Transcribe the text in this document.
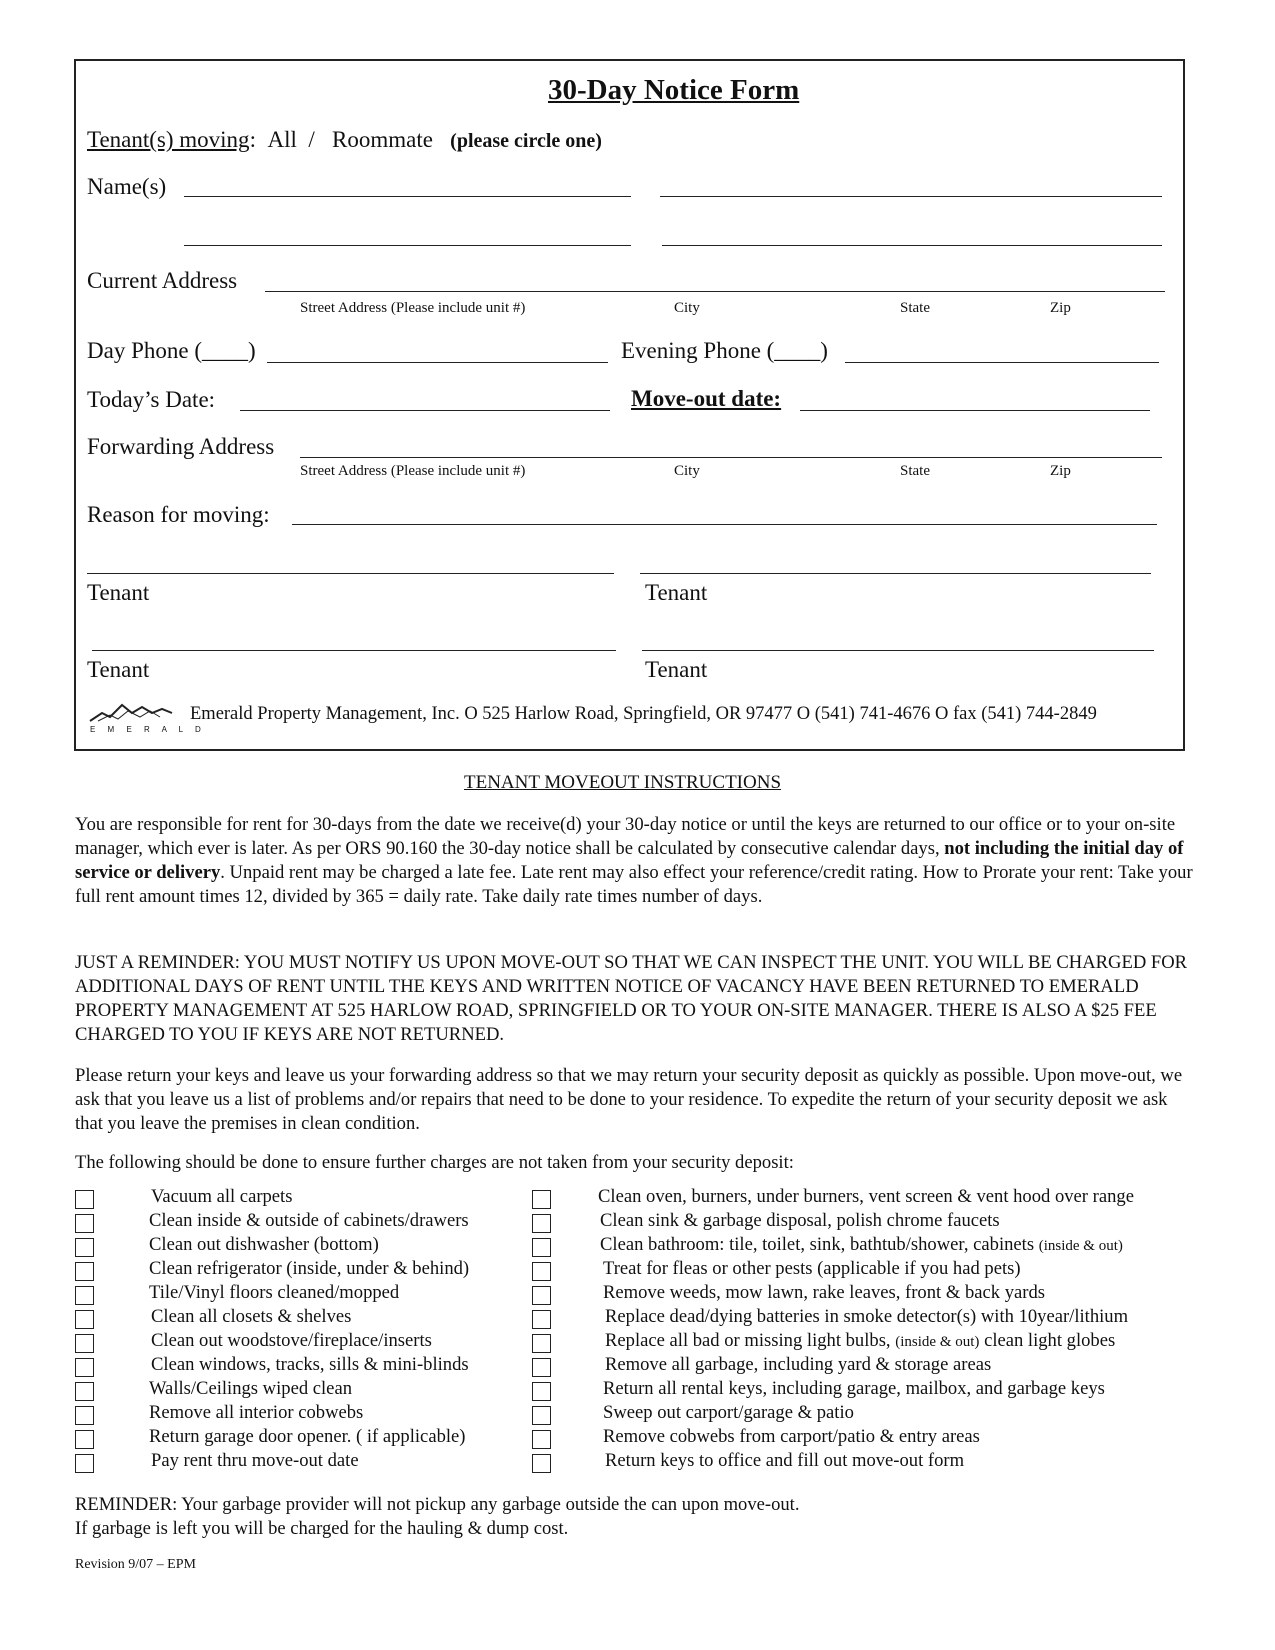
30-Day Notice Form
Tenant(s) moving: All  /   Roommate (please circle one)
Name(s)
Current Address
Street Address (Please include unit #)	City	State	Zip
Day Phone (____)	Evening Phone (____)
Today’s Date:	Move-out date:
Forwarding Address
Street Address (Please include unit #)	City	State	Zip
Reason for moving:
Tenant	Tenant
Tenant	Tenant
E M E R A L D
Emerald Property Management, Inc. O 525 Harlow Road, Springfield, OR 97477 O (541) 741-4676 O fax (541) 744-2849
TENANT MOVEOUT INSTRUCTIONS
You are responsible for rent for 30-days from the date we receive(d) your 30-day notice or until the keys are returned to our office or to your on-site manager, which ever is later. As per ORS 90.160 the 30-day notice shall be calculated by consecutive calendar days, not including the initial day of service or delivery. Unpaid rent may be charged a late fee. Late rent may also effect your reference/credit rating. How to Prorate your rent: Take your full rent amount times 12, divided by 365 = daily rate. Take daily rate times number of days.
JUST A REMINDER: YOU MUST NOTIFY US UPON MOVE-OUT SO THAT WE CAN INSPECT THE UNIT. YOU WILL BE CHARGED FOR ADDITIONAL DAYS OF RENT UNTIL THE KEYS AND WRITTEN NOTICE OF VACANCY HAVE BEEN RETURNED TO EMERALD PROPERTY MANAGEMENT AT 525 HARLOW ROAD, SPRINGFIELD OR TO YOUR ON-SITE MANAGER. THERE IS ALSO A $25 FEE CHARGED TO YOU IF KEYS ARE NOT RETURNED.
Please return your keys and leave us your forwarding address so that we may return your security deposit as quickly as possible. Upon move-out, we ask that you leave us a list of problems and/or repairs that need to be done to your residence. To expedite the return of your security deposit we ask that you leave the premises in clean condition.
The following should be done to ensure further charges are not taken from your security deposit:
Vacuum all carpets
Clean inside & outside of cabinets/drawers
Clean out dishwasher (bottom)
Clean refrigerator (inside, under & behind)
Tile/Vinyl floors cleaned/mopped
Clean all closets & shelves
Clean out woodstove/fireplace/inserts
Clean windows, tracks, sills & mini-blinds
Walls/Ceilings wiped clean
Remove all interior cobwebs
Return garage door opener. ( if applicable)
Pay rent thru move-out date
Clean oven, burners, under burners, vent screen & vent hood over range
Clean sink & garbage disposal, polish chrome faucets
Clean bathroom: tile, toilet, sink, bathtub/shower, cabinets (inside & out)
Treat for fleas or other pests (applicable if you had pets)
Remove weeds, mow lawn, rake leaves, front & back yards
Replace dead/dying batteries in smoke detector(s) with 10year/lithium
Replace all bad or missing light bulbs, (inside & out) clean light globes
Remove all garbage, including yard & storage areas
Return all rental keys, including garage, mailbox, and garbage keys
Sweep out carport/garage & patio
Remove cobwebs from carport/patio & entry areas
Return keys to office and fill out move-out form
REMINDER: Your garbage provider will not pickup any garbage outside the can upon move-out.
If garbage is left you will be charged for the hauling & dump cost.
Revision 9/07 – EPM
